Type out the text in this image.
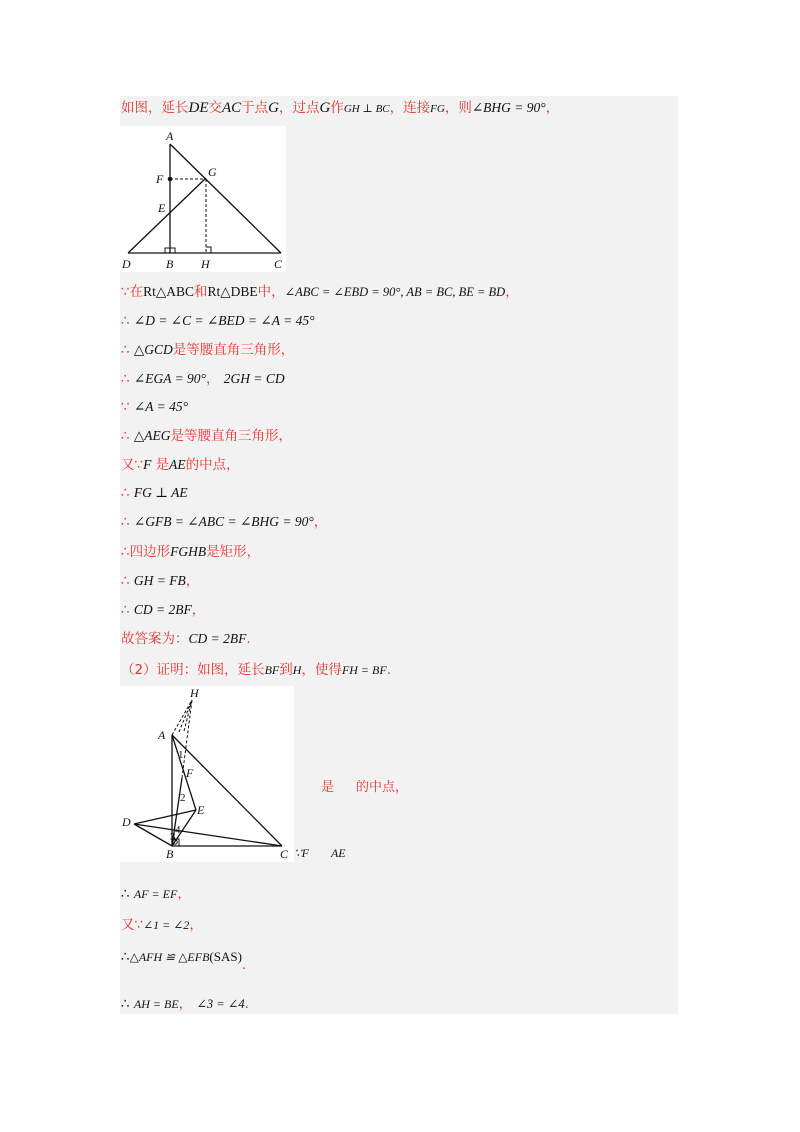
如图，延长DE交AC于点G，过点G作GH ⊥ BC，连接FG，则∠BHG = 90°，
A
F	G
E
D	B H	C
∵在Rt△ABC和Rt△DBE中，∠ABC = ∠EBD = 90°, AB = BC, BE = BD，
∴ ∠D = ∠C = ∠BED = ∠A = 45°
∴ △GCD是等腰直角三角形，
∴ ∠EGA = 90°， 2GH = CD
∵ ∠A = 45°
∴ △AEG是等腰直角三角形，
又∵F 是AE的中点，
∴ FG ⊥ AE
∴ ∠GFB = ∠ABC = ∠BHG = 90°，
∴四边形FGHB是矩形，
∴ GH = FB，
∴ CD = 2BF，
故答案为：CD = 2BF.
（2）证明：如图，延长BF到H，使得FH = BF.
H
A
1
F
2
E
D
4
3
B	C
是 的中点，
∵F AE
∴ AF = EF，
又∵∠1 = ∠2，
∴△AFH ≌ △EFB(SAS).
∴ AH = BE， ∠3 = ∠4.
